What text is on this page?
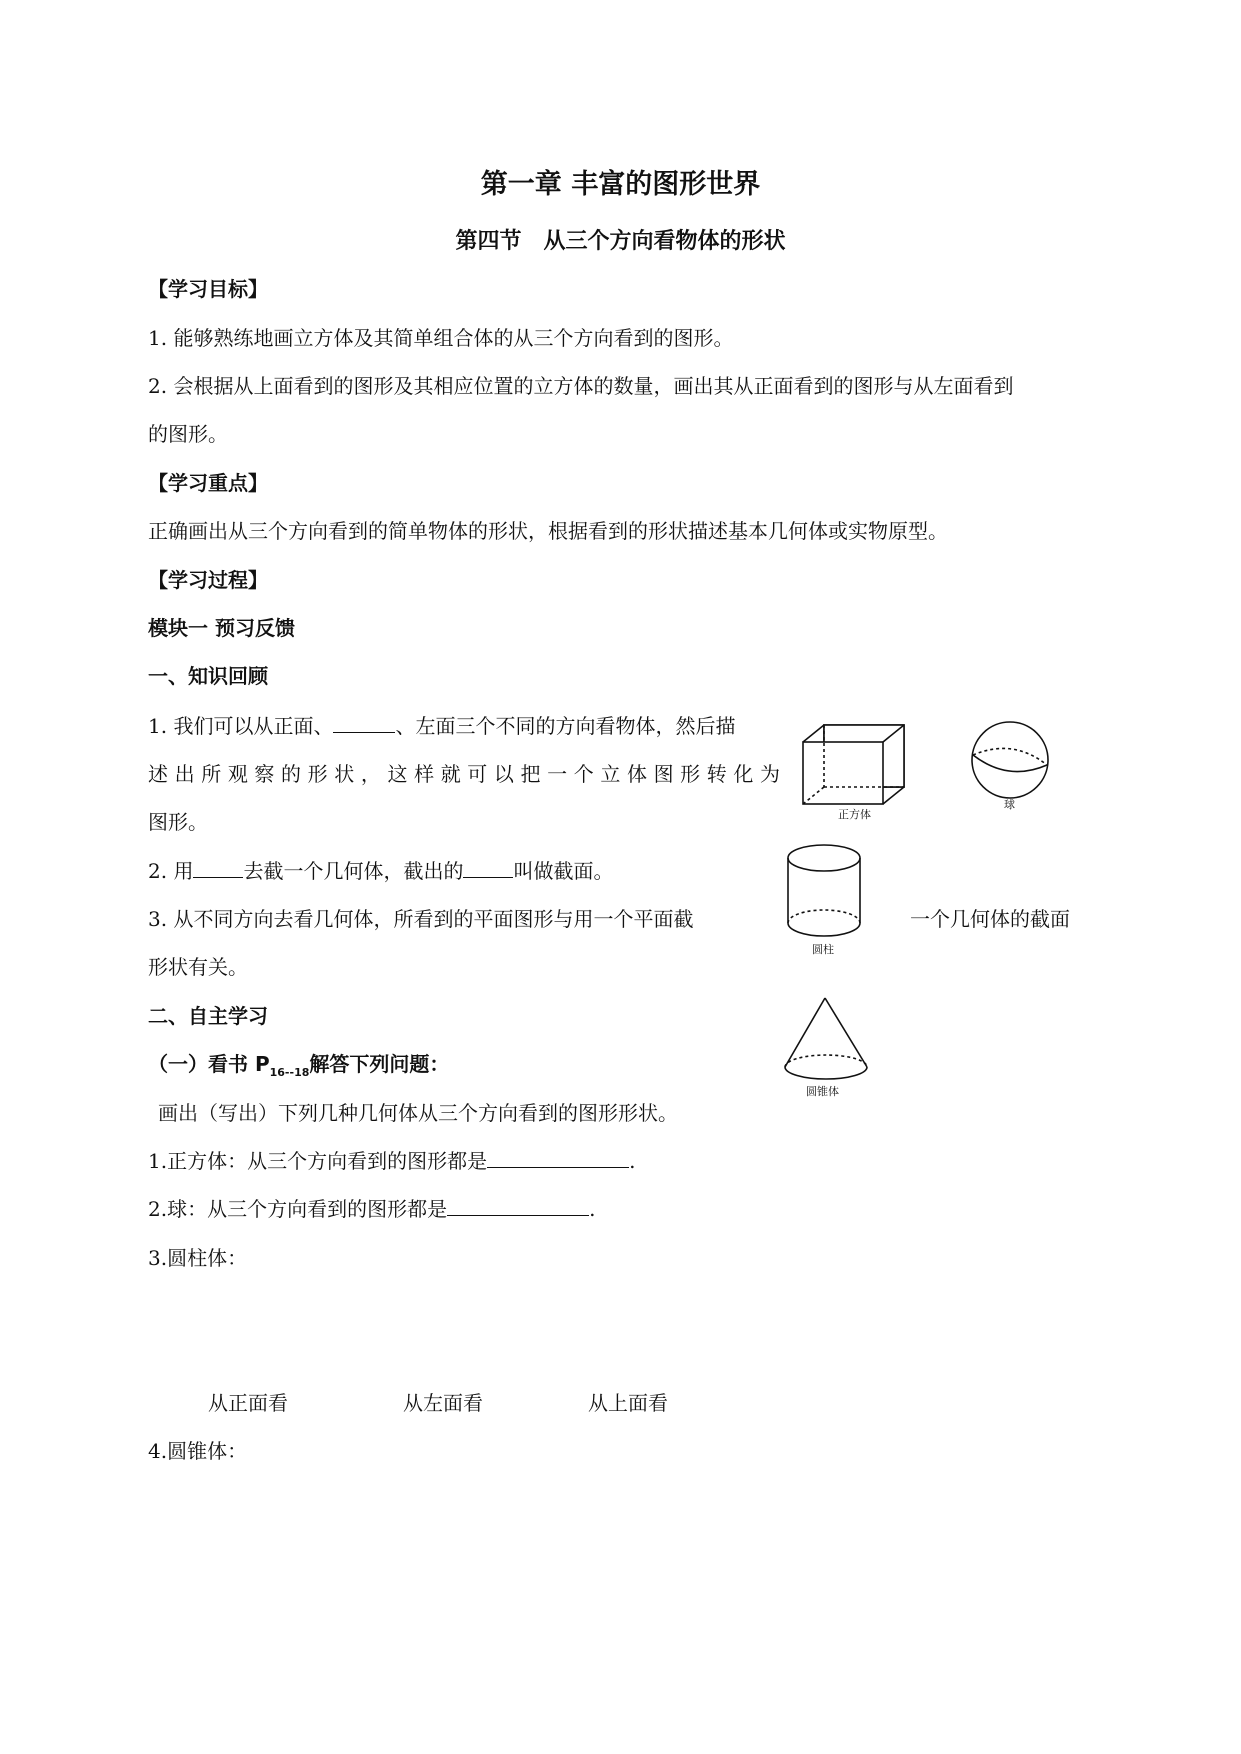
第一章 丰富的图形世界
第四节　从三个方向看物体的形状
【学习目标】
1. 能够熟练地画立方体及其简单组合体的从三个方向看到的图形。
2. 会根据从上面看到的图形及其相应位置的立方体的数量，画出其从正面看到的图形与从左面看到
的图形。
【学习重点】
正确画出从三个方向看到的简单物体的形状，根据看到的形状描述基本几何体或实物原型。
【学习过程】
模块一 预习反馈
一、知识回顾
1. 我们可以从正面、	、左面三个不同的方向看物体，然后描
述出所观察的形状，这样就可以把一个立体图形转化为
图形。
2. 用	去截一个几何体，截出的	叫做截面。
3. 从不同方向去看几何体，所看到的平面图形与用一个平面截	一个几何体的截面
形状有关。
二、自主学习
（一）看书 $P_{16--18}$解答下列问题：
画出（写出）下列几种几何体从三个方向看到的图形形状。
1.正方体：从三个方向看到的图形都是	.
2.球：从三个方向看到的图形都是	.
3.圆柱体：
从正面看	从左面看	从上面看
4.圆锥体：
正方体
球
圆柱
圆锥体
